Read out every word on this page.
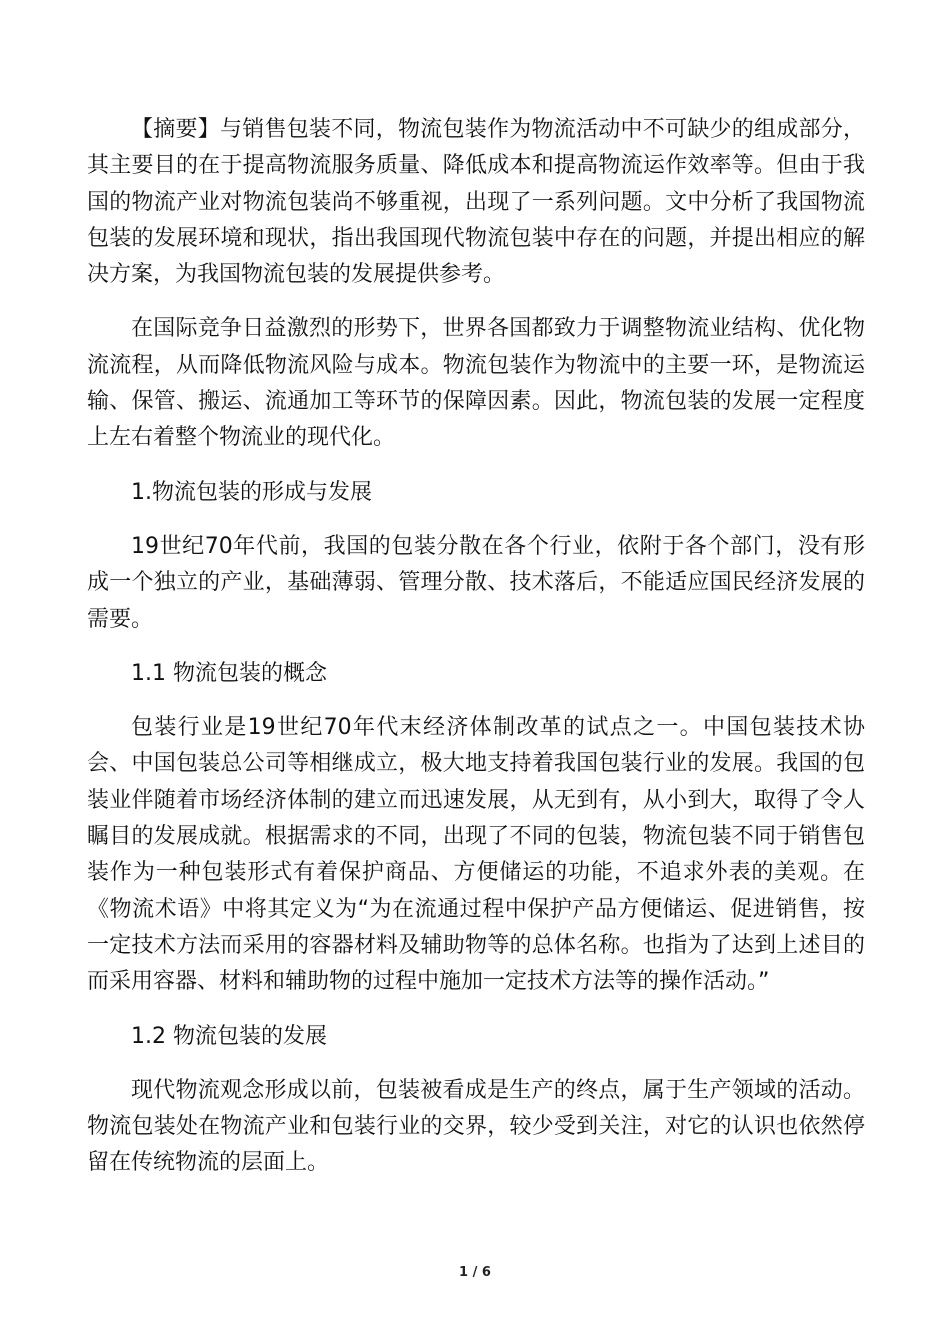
【摘要】与销售包装不同，物流包装作为物流活动中不可缺少的组成部分，其主要目的在于提高物流服务质量、降低成本和提高物流运作效率等。但由于我国的物流产业对物流包装尚不够重视，出现了一系列问题。文中分析了我国物流包装的发展环境和现状，指出我国现代物流包装中存在的问题，并提出相应的解决方案，为我国物流包装的发展提供参考。

在国际竞争日益激烈的形势下，世界各国都致力于调整物流业结构、优化物流流程，从而降低物流风险与成本。物流包装作为物流中的主要一环，是物流运输、保管、搬运、流通加工等环节的保障因素。因此，物流包装的发展一定程度上左右着整个物流业的现代化。

1.物流包装的形成与发展

19世纪70年代前，我国的包装分散在各个行业，依附于各个部门，没有形成一个独立的产业，基础薄弱、管理分散、技术落后，不能适应国民经济发展的需要。

1.1 物流包装的概念

包装行业是19世纪70年代末经济体制改革的试点之一。中国包装技术协会、中国包装总公司等相继成立，极大地支持着我国包装行业的发展。我国的包装业伴随着市场经济体制的建立而迅速发展，从无到有，从小到大，取得了令人瞩目的发展成就。根据需求的不同，出现了不同的包装，物流包装不同于销售包装作为一种包装形式有着保护商品、方便储运的功能，不追求外表的美观。在《物流术语》中将其定义为“为在流通过程中保护产品方便储运、促进销售，按一定技术方法而采用的容器材料及辅助物等的总体名称。也指为了达到上述目的而采用容器、材料和辅助物的过程中施加一定技术方法等的操作活动。”

1.2 物流包装的发展

现代物流观念形成以前，包装被看成是生产的终点，属于生产领域的活动。物流包装处在物流产业和包装行业的交界，较少受到关注，对它的认识也依然停留在传统物流的层面上。

1 / 6
